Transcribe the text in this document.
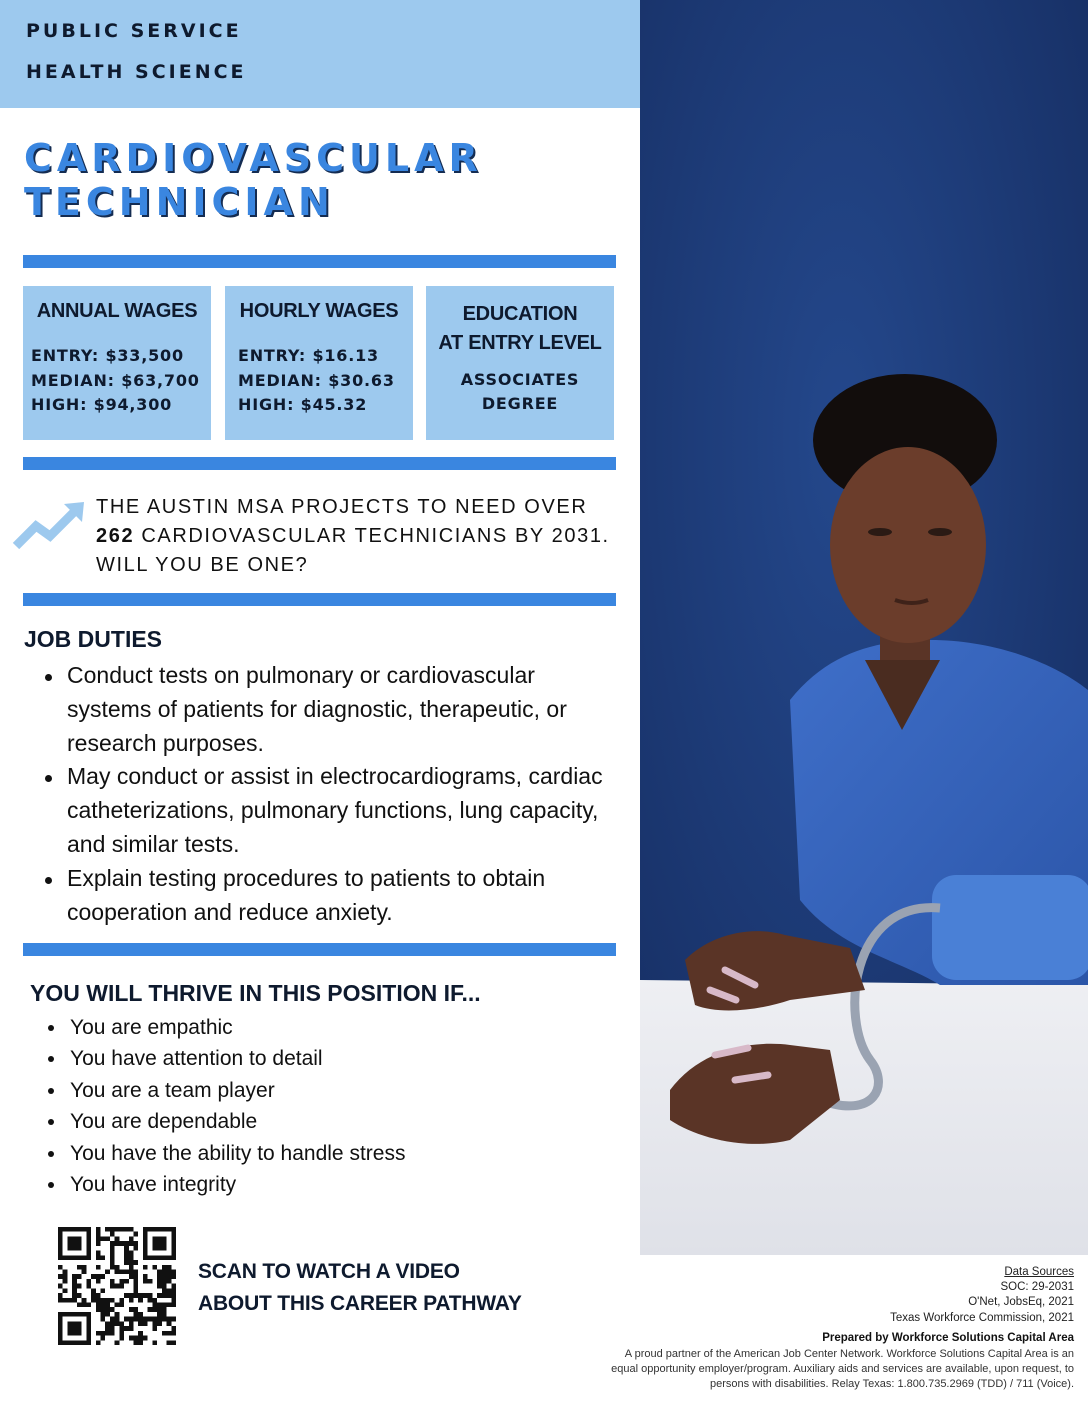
PUBLIC SERVICE
HEALTH SCIENCE
CARDIOVASCULAR
TECHNICIAN
ANNUAL WAGES
ENTRY: $33,500
MEDIAN: $63,700
HIGH: $94,300
HOURLY WAGES
ENTRY: $16.13
MEDIAN: $30.63
HIGH: $45.32
EDUCATION
AT ENTRY LEVEL
ASSOCIATES
DEGREE
THE AUSTIN MSA PROJECTS TO NEED OVER 262 CARDIOVASCULAR TECHNICIANS BY 2031. WILL YOU BE ONE?
JOB DUTIES
Conduct tests on pulmonary or cardiovascular systems of patients for diagnostic, therapeutic, or research purposes.
May conduct or assist in electrocardiograms, cardiac catheterizations, pulmonary functions, lung capacity, and similar tests.
Explain testing procedures to patients to obtain cooperation and reduce anxiety.
YOU WILL THRIVE IN THIS POSITION IF...
You are empathic
You have attention to detail
You are a team player
You are dependable
You have the ability to handle stress
You have integrity
SCAN TO WATCH A VIDEO
ABOUT THIS CAREER PATHWAY
Data Sources
SOC: 29-2031
O'Net, JobsEq, 2021
Texas Workforce Commission, 2021
Prepared by Workforce Solutions Capital Area
A proud partner of the American Job Center Network. Workforce Solutions Capital Area is an equal opportunity employer/program. Auxiliary aids and services are available, upon request, to persons with disabilities. Relay Texas: 1.800.735.2969 (TDD) / 711 (Voice).
